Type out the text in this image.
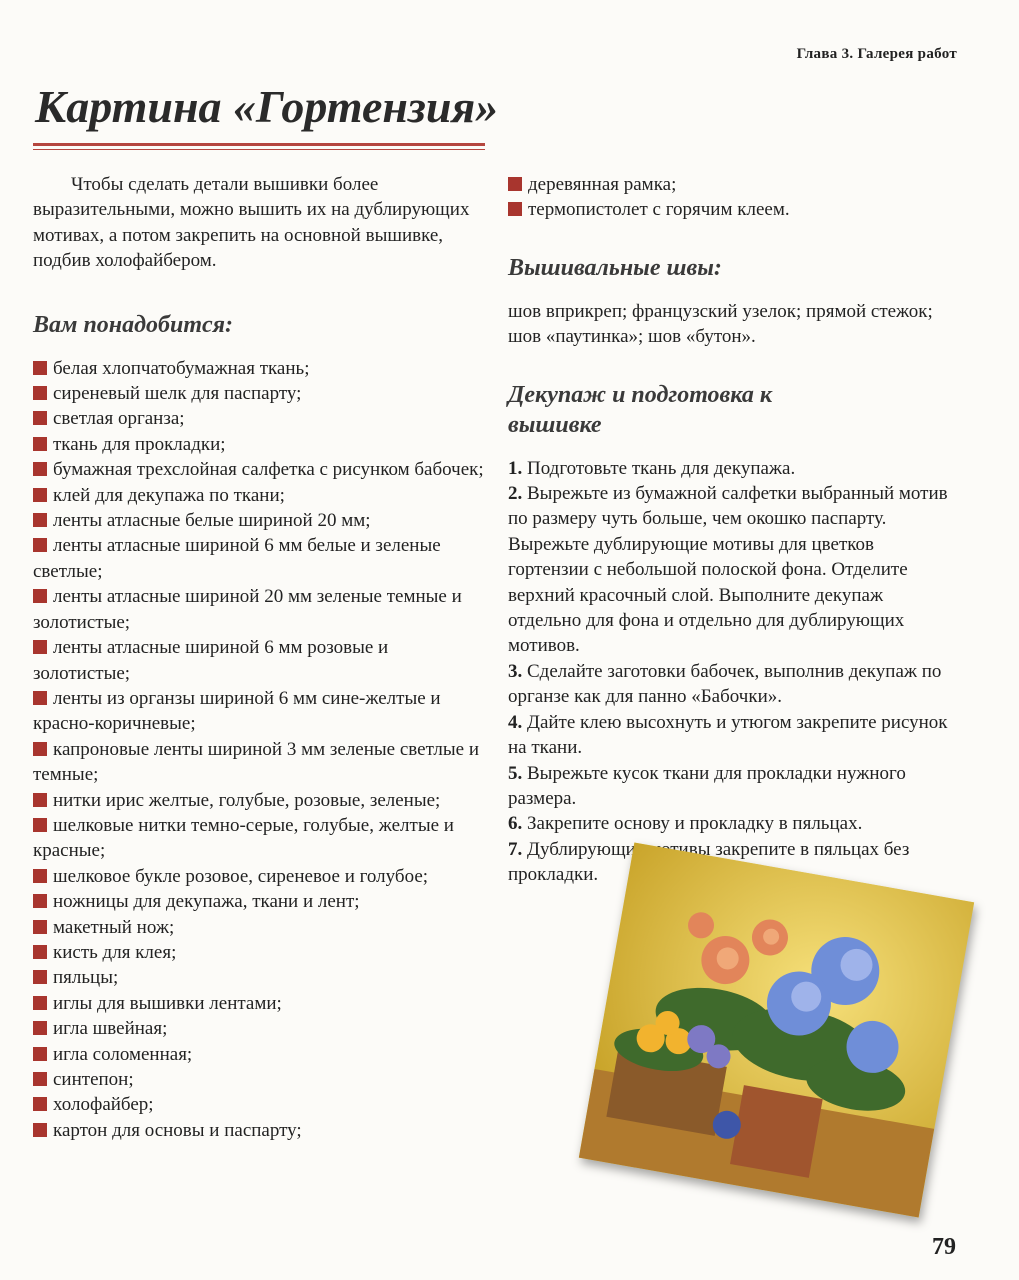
Глава 3. Галерея работ
Картина «Гортензия»

Чтобы сделать детали вышивки более выразительными, можно вышить их на дублирующих мотивах, а потом закрепить на основной вышивке, подбив холофайбером.

Вам понадобится:
белая хлопчатобумажная ткань;
сиреневый шелк для паспарту;
светлая органза;
ткань для прокладки;
бумажная трехслойная салфетка с рисунком бабочек;
клей для декупажа по ткани;
ленты атласные белые шириной 20 мм;
ленты атласные шириной 6 мм белые и зеленые светлые;
ленты атласные шириной 20 мм зеленые темные и золотистые;
ленты атласные шириной 6 мм розовые и золотистые;
ленты из органзы шириной 6 мм сине-желтые и красно-коричневые;
капроновые ленты шириной 3 мм зеленые светлые и темные;
нитки ирис желтые, голубые, розовые, зеленые;
шелковые нитки темно-серые, голубые, желтые и красные;
шелковое букле розовое, сиреневое и голубое;
ножницы для декупажа, ткани и лент;
макетный нож;
кисть для клея;
пяльцы;
иглы для вышивки лентами;
игла швейная;
игла соломенная;
синтепон;
холофайбер;
картон для основы и паспарту;
деревянная рамка;
термопистолет с горячим клеем.
Вышивальные швы:

шов вприкреп; французский узелок; прямой стежок; шов «паутинка»; шов «бутон».

Декупаж и подготовка к вышивке

1. Подготовьте ткань для декупажа.

2. Вырежьте из бумажной салфетки выбранный мотив по размеру чуть больше, чем окошко паспарту. Вырежьте дублирующие мотивы для цветков гортензии с небольшой полоской фона. Отделите верхний красочный слой. Выполните декупаж отдельно для фона и отдельно для дублирующих мотивов.

3. Сделайте заготовки бабочек, выполнив декупаж по органзе как для панно «Бабочки».

4. Дайте клею высохнуть и утюгом закрепите рисунок на ткани.

5. Вырежьте кусок ткани для прокладки нужного размера.

6. Закрепите основу и прокладку в пяльцах.

7. Дублирующие мотивы закрепите в пяльцах без прокладки.

79
